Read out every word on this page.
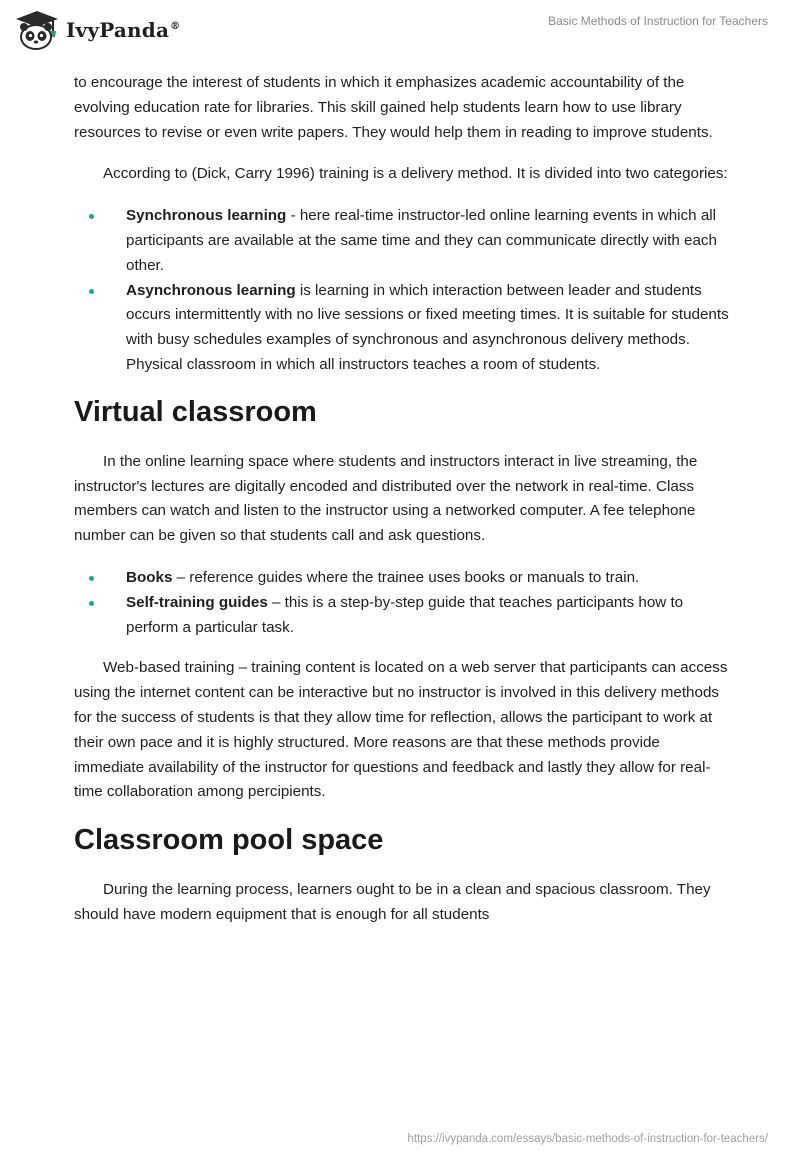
IvyPanda®	Basic Methods of Instruction for Teachers

to encourage the interest of students in which it emphasizes academic accountability of the evolving education rate for libraries. This skill gained help students learn how to use library resources to revise or even write papers. They would help them in reading to improve students.

According to (Dick, Carry 1996) training is a delivery method. It is divided into two categories:

Synchronous learning - here real-time instructor-led online learning events in which all participants are available at the same time and they can communicate directly with each other.
Asynchronous learning is learning in which interaction between leader and students occurs intermittently with no live sessions or fixed meeting times. It is suitable for students with busy schedules examples of synchronous and asynchronous delivery methods. Physical classroom in which all instructors teaches a room of students.
Virtual classroom

In the online learning space where students and instructors interact in live streaming, the instructor's lectures are digitally encoded and distributed over the network in real-time. Class members can watch and listen to the instructor using a networked computer. A fee telephone number can be given so that students call and ask questions.

Books – reference guides where the trainee uses books or manuals to train.
Self-training guides – this is a step-by-step guide that teaches participants how to perform a particular task.

Web-based training – training content is located on a web server that participants can access using the internet content can be interactive but no instructor is involved in this delivery methods for the success of students is that they allow time for reflection, allows the participant to work at their own pace and it is highly structured. More reasons are that these methods provide immediate availability of the instructor for questions and feedback and lastly they allow for real-time collaboration among percipients.

Classroom pool space

During the learning process, learners ought to be in a clean and spacious classroom. They should have modern equipment that is enough for all students

https://ivypanda.com/essays/basic-methods-of-instruction-for-teachers/
